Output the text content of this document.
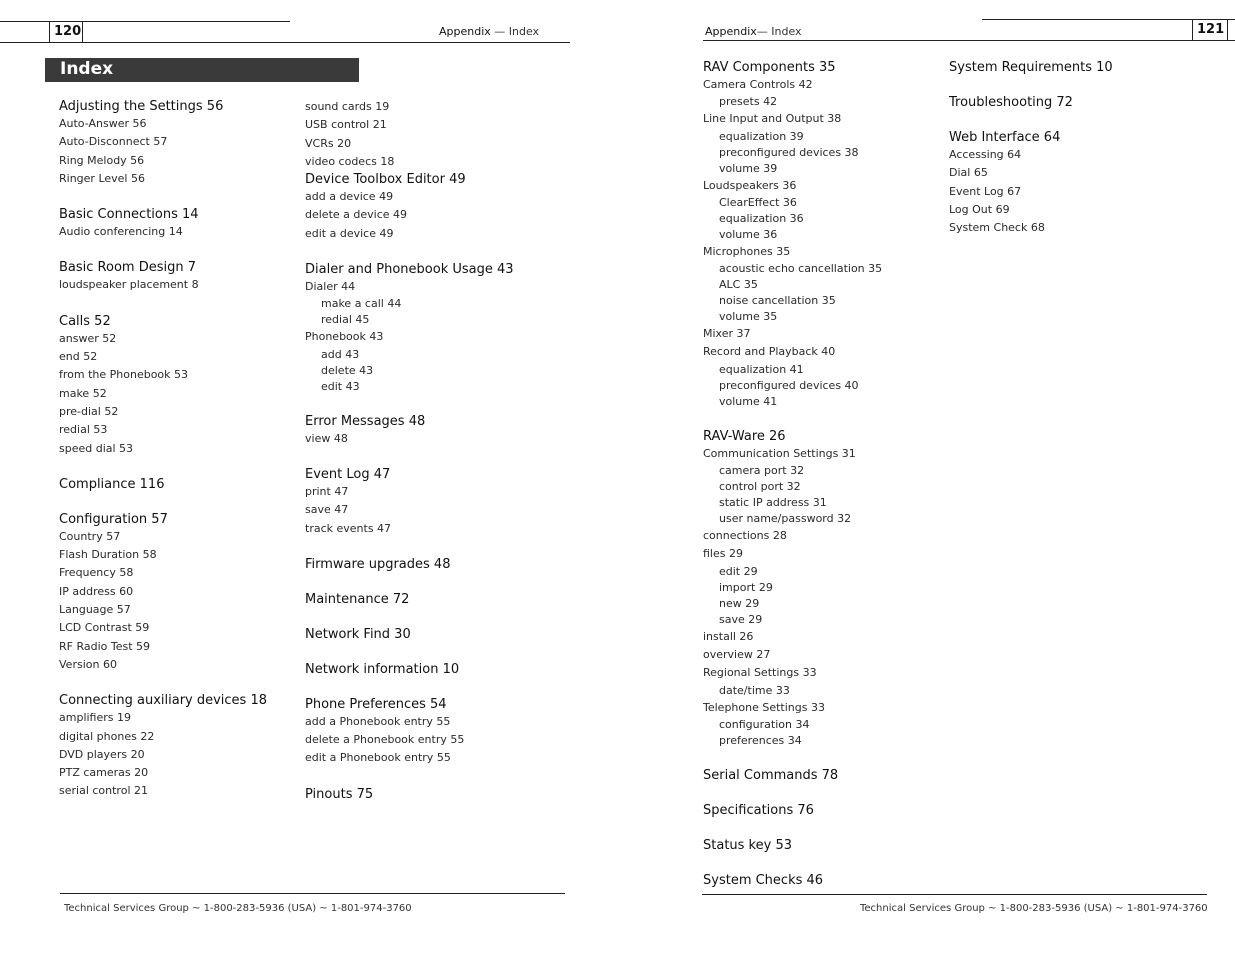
120	Appendix — Index
Index
Adjusting the Settings 56
Auto-Answer 56
Auto-Disconnect 57
Ring Melody 56
Ringer Level 56
Basic Connections 14
Audio conferencing 14
Basic Room Design 7
loudspeaker placement 8
Calls 52
answer 52
end 52
from the Phonebook 53
make 52
pre-dial 52
redial 53
speed dial 53
Compliance 116
Configuration 57
Country 57
Flash Duration 58
Frequency 58
IP address 60
Language 57
LCD Contrast 59
RF Radio Test 59
Version 60
Connecting auxiliary devices 18
amplifiers 19
digital phones 22
DVD players 20
PTZ cameras 20
serial control 21
sound cards 19
USB control 21
VCRs 20
video codecs 18
Device Toolbox Editor 49
add a device 49
delete a device 49
edit a device 49
Dialer and Phonebook Usage 43
Dialer 44
make a call 44
redial 45
Phonebook 43
add 43
delete 43
edit 43
Error Messages 48
view 48
Event Log 47
print 47
save 47
track events 47
Firmware upgrades 48
Maintenance 72
Network Find 30
Network information 10
Phone Preferences 54
add a Phonebook entry 55
delete a Phonebook entry 55
edit a Phonebook entry 55
Pinouts 75
Technical Services Group ~ 1-800-283-5936 (USA) ~ 1-801-974-3760
121
Appendix— Index
RAV Components 35
Camera Controls 42
presets 42
Line Input and Output 38
equalization 39
preconfigured devices 38
volume 39
Loudspeakers 36
ClearEffect 36
equalization 36
volume 36
Microphones 35
acoustic echo cancellation 35
ALC 35
noise cancellation 35
volume 35
Mixer 37
Record and Playback 40
equalization 41
preconfigured devices 40
volume 41
RAV-Ware 26
Communication Settings 31
camera port 32
control port 32
static IP address 31
user name/password 32
connections 28
files 29
edit 29
import 29
new 29
save 29
install 26
overview 27
Regional Settings 33
date/time 33
Telephone Settings 33
configuration 34
preferences 34
Serial Commands 78
Specifications 76
Status key 53
System Checks 46
System Requirements 10
Troubleshooting 72
Web Interface 64
Accessing 64
Dial 65
Event Log 67
Log Out 69
System Check 68
Technical Services Group ~ 1-800-283-5936 (USA) ~ 1-801-974-3760
